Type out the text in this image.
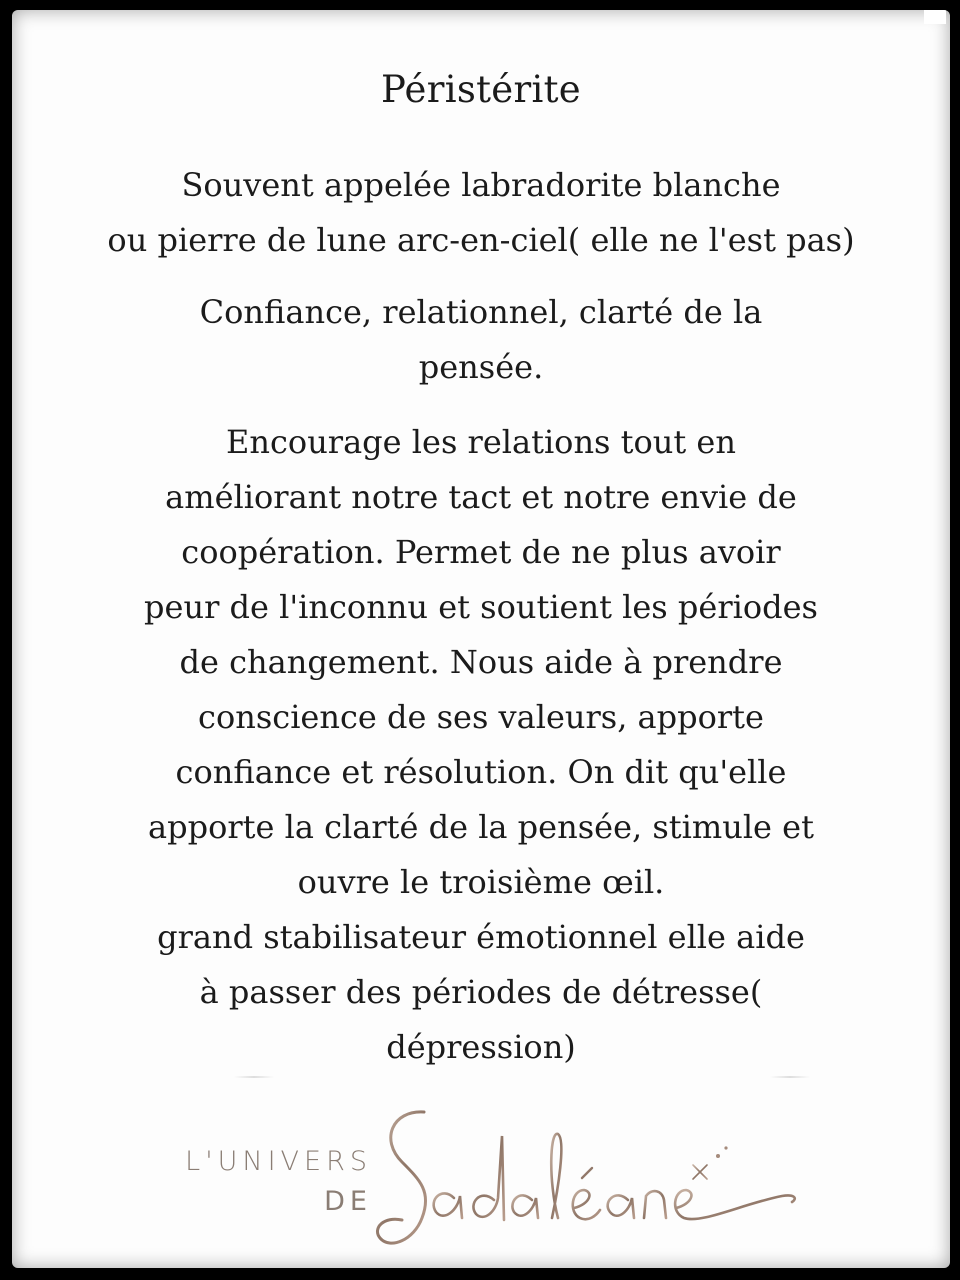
Péristérite
Souvent appelée labradorite blanche
ou pierre de lune arc-en-ciel( elle ne l'est pas)
Confiance, relationnel, clarté de la
pensée.
Encourage les relations tout en
améliorant notre tact et notre envie de
coopération. Permet de ne plus avoir
peur de l'inconnu et soutient les périodes
de changement. Nous aide à prendre
conscience de ses valeurs, apporte
confiance et résolution. On dit qu'elle
apporte la clarté de la pensée, stimule et
ouvre le troisième œil.
grand stabilisateur émotionnel elle aide
à passer des périodes de détresse(
dépression)
L'UNIVERS
DE
